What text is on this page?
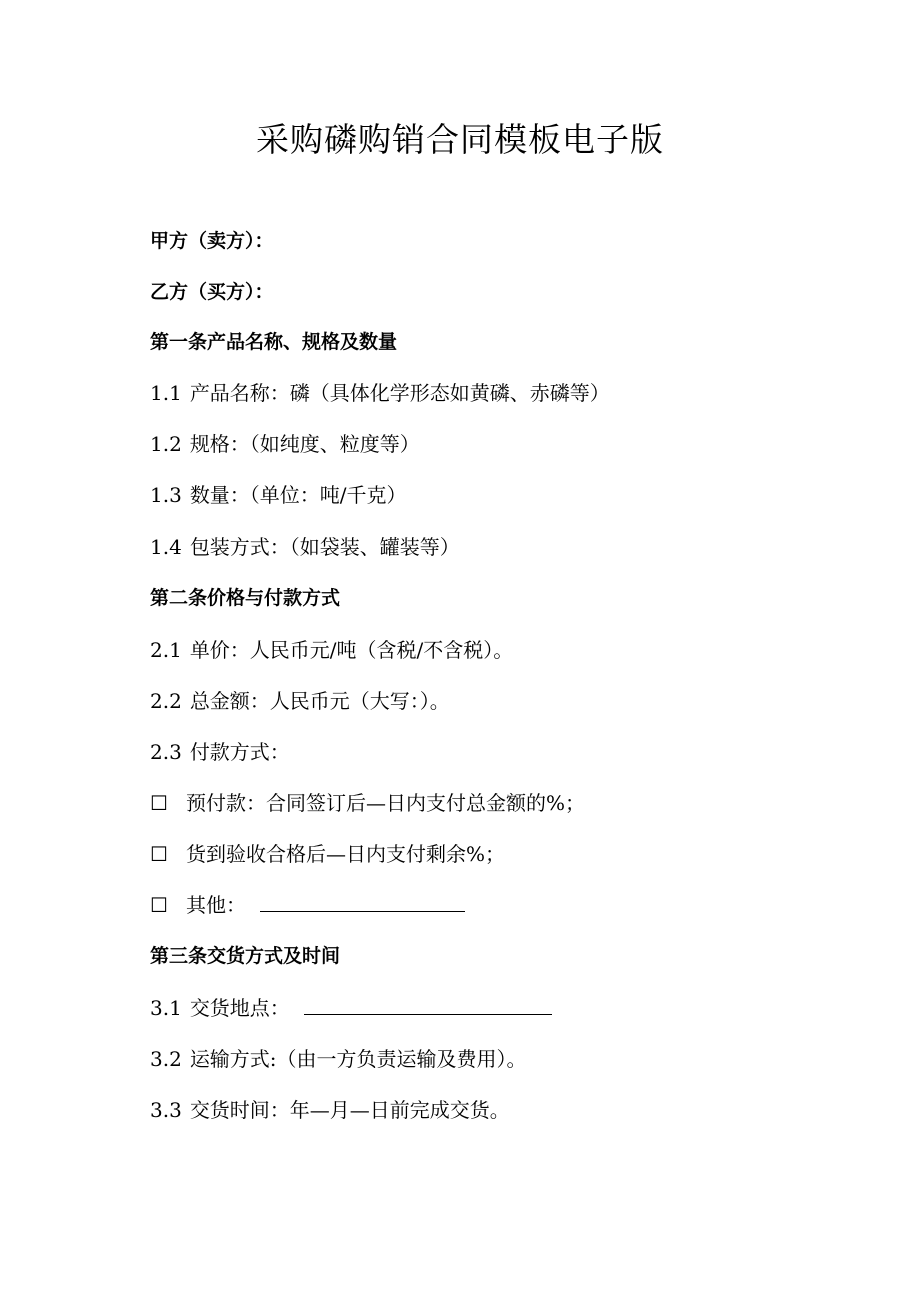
采购磷购销合同模板电子版
甲方（卖方）：
乙方（买方）：
第一条产品名称、规格及数量
1.1 产品名称：磷（具体化学形态如黄磷、赤磷等）
1.2 规格：（如纯度、粒度等）
1.3 数量：（单位：吨/千克）
1.4 包装方式：（如袋装、罐装等）
第二条价格与付款方式
2.1 单价：人民币元/吨（含税/不含税）。
2.2 总金额：人民币元（大写：）。
2.3 付款方式：
☐ 预付款：合同签订后—日内支付总金额的%；
☐ 货到验收合格后—日内支付剩余%；
☐ 其他：
第三条交货方式及时间
3.1 交货地点：
3.2 运输方式:（由一方负责运输及费用）。
3.3 交货时间：年—月—日前完成交货。
